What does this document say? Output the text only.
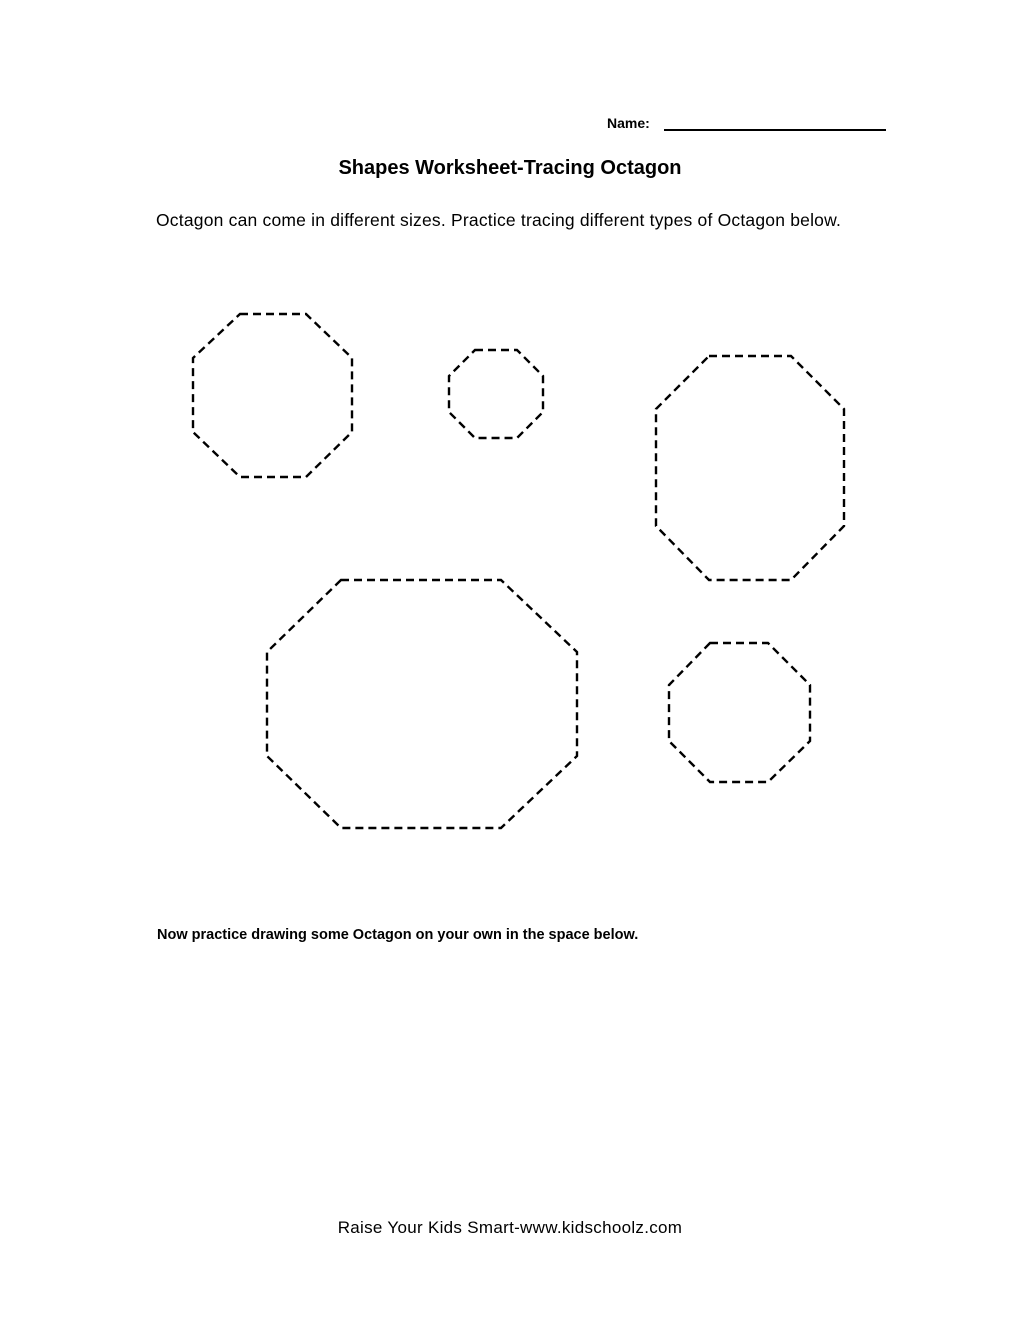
Name:
Shapes Worksheet-Tracing Octagon
Octagon can come in different sizes. Practice tracing different types of Octagon below.
Now practice drawing some Octagon on your own in the space below.
Raise Your Kids Smart-www.kidschoolz.com
